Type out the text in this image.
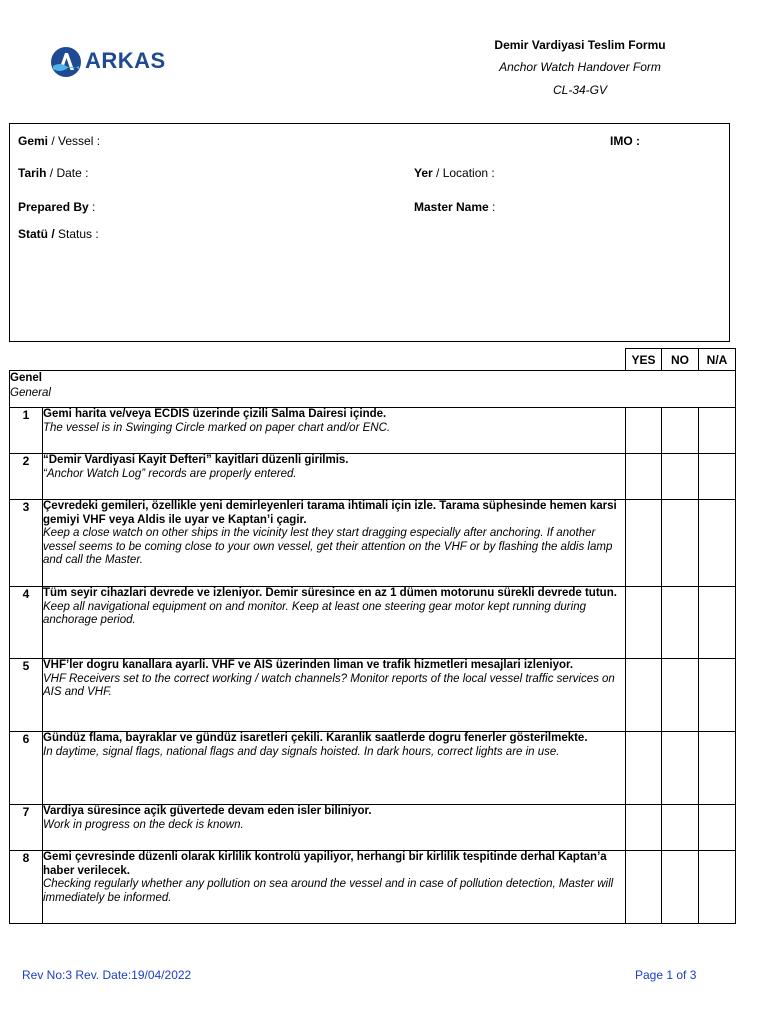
ARKAS
Demir Vardiyasi Teslim Formu
Anchor Watch Handover Form
CL-34-GV
Gemi / Vessel :	IMO :
Tarih / Date :	Yer / Location :
Prepared By :	Master Name :
Statü / Status :
		YES	NO	N/A

Genel
General				

1	Gemi harita ve/veya ECDIS üzerinde çizili Salma Dairesi içinde.
The vessel is in Swinging Circle marked on paper chart and/or ENC.			

2	“Demir Vardiyasi Kayit Defteri” kayitlari düzenli girilmis.
“Anchor Watch Log” records are properly entered.			

3	Çevredeki gemileri, özellikle yeni demirleyenleri tarama ihtimali için izle. Tarama süphesinde hemen karsi gemiyi VHF veya Aldis ile uyar ve Kaptan’i çagir.
Keep a close watch on other ships in the vicinity lest they start dragging especially after anchoring. If another vessel seems to be coming close to your own vessel, get their attention on the VHF or by flashing the aldis lamp and call the Master.			

4	Tüm seyir cihazlari devrede ve izleniyor. Demir süresince en az 1 dümen motorunu sürekli devrede tutun.
Keep all navigational equipment on and monitor. Keep at least one steering gear motor kept running during anchorage period.			

5	VHF’ler dogru kanallara ayarli. VHF ve AIS üzerinden liman ve trafik hizmetleri mesajlari izleniyor.
VHF Receivers set to the correct working / watch channels? Monitor reports of the local vessel traffic services on AIS and VHF.			

6	Gündüz flama, bayraklar ve gündüz isaretleri çekili. Karanlik saatlerde dogru fenerler gösterilmekte.
In daytime, signal flags, national flags and day signals hoisted. In dark hours, correct lights are in use.			

7	Vardiya süresince açik güvertede devam eden isler biliniyor.
Work in progress on the deck is known.			

8	Gemi çevresinde düzenli olarak kirlilik kontrolü yapiliyor, herhangi bir kirlilik tespitinde derhal Kaptan’a haber verilecek.
Checking regularly whether any pollution on sea around the vessel and in case of pollution detection, Master will immediately be informed.			

Rev No:3 Rev. Date:19/04/2022	Page 1 of 3
